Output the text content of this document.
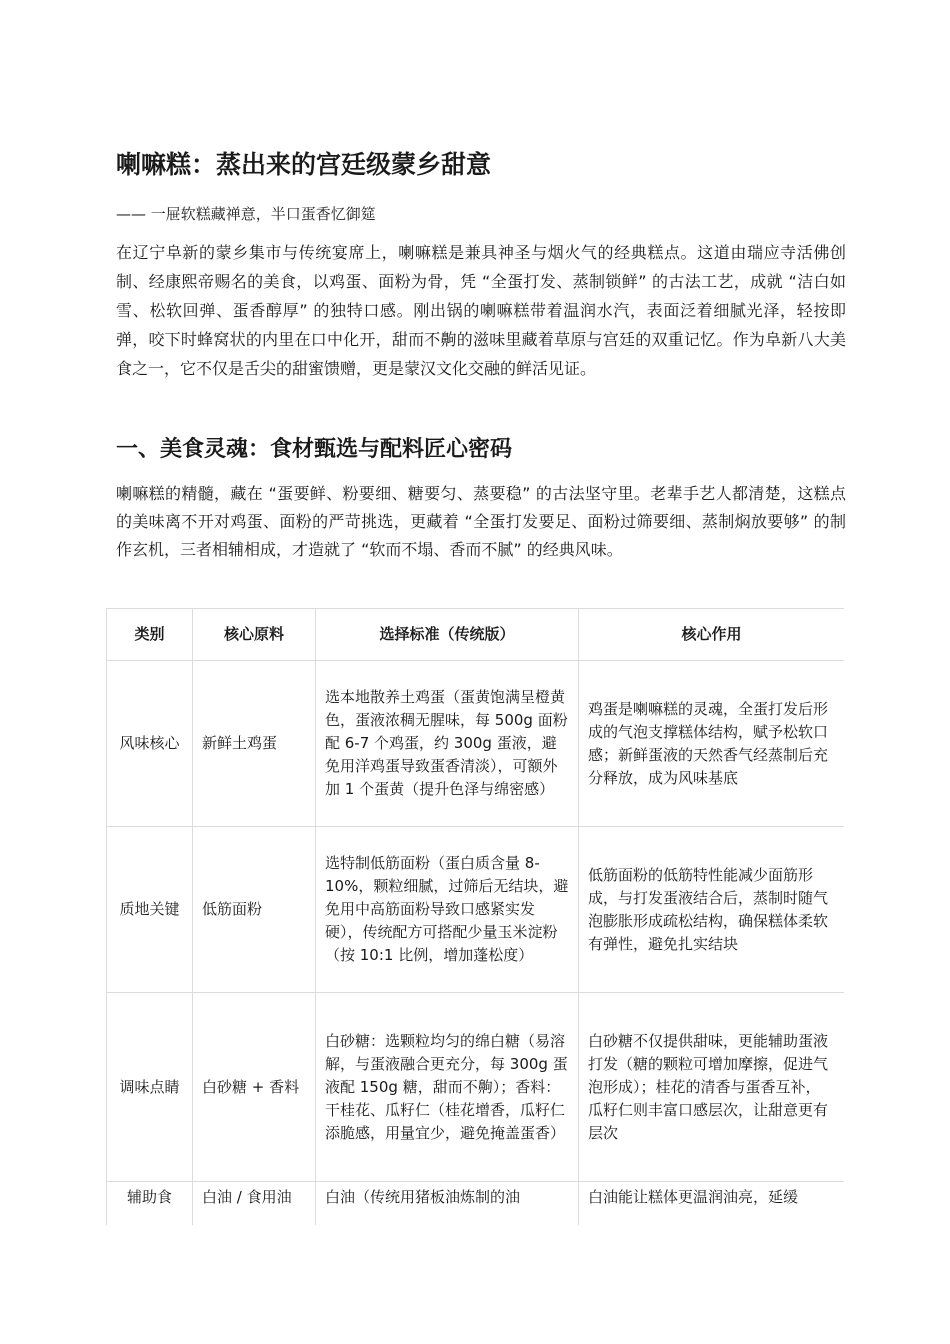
喇嘛糕：蒸出来的宫廷级蒙乡甜意
—— 一屉软糕藏禅意，半口蛋香忆御筵

在辽宁阜新的蒙乡集市与传统宴席上，喇嘛糕是兼具神圣与烟火气的经典糕点。这道由瑞应寺活佛创制、经康熙帝赐名的美食，以鸡蛋、面粉为骨，凭 “全蛋打发、蒸制锁鲜” 的古法工艺，成就 “洁白如雪、松软回弹、蛋香醇厚” 的独特口感。刚出锅的喇嘛糕带着温润水汽，表面泛着细腻光泽，轻按即弹，咬下时蜂窝状的内里在口中化开，甜而不齁的滋味里藏着草原与宫廷的双重记忆。作为阜新八大美食之一，它不仅是舌尖的甜蜜馈赠，更是蒙汉文化交融的鲜活见证。

一、美食灵魂：食材甄选与配料匠心密码

喇嘛糕的精髓，藏在 “蛋要鲜、粉要细、糖要匀、蒸要稳” 的古法坚守里。老辈手艺人都清楚，这糕点的美味离不开对鸡蛋、面粉的严苛挑选，更藏着 “全蛋打发要足、面粉过筛要细、蒸制焖放要够” 的制作玄机，三者相辅相成，才造就了 “软而不塌、香而不腻” 的经典风味。

类别	核心原料	选择标准（传统版）	核心作用
风味核心	新鲜土鸡蛋	选本地散养土鸡蛋（蛋黄饱满呈橙黄色，蛋液浓稠无腥味，每 500g 面粉配 6-7 个鸡蛋，约 300g 蛋液，避免用洋鸡蛋导致蛋香清淡），可额外加 1 个蛋黄（提升色泽与绵密感）	鸡蛋是喇嘛糕的灵魂，全蛋打发后形成的气泡支撑糕体结构，赋予松软口感；新鲜蛋液的天然香气经蒸制后充分释放，成为风味基底
质地关键	低筋面粉	选特制低筋面粉（蛋白质含量 8-10%，颗粒细腻，过筛后无结块，避免用中高筋面粉导致口感紧实发硬），传统配方可搭配少量玉米淀粉（按 10:1 比例，增加蓬松度）	低筋面粉的低筋特性能减少面筋形成，与打发蛋液结合后，蒸制时随气泡膨胀形成疏松结构，确保糕体柔软有弹性，避免扎实结块
调味点睛	白砂糖 + 香料	白砂糖：选颗粒均匀的绵白糖（易溶解，与蛋液融合更充分，每 300g 蛋液配 150g 糖，甜而不齁）；香料：干桂花、瓜籽仁（桂花增香，瓜籽仁添脆感，用量宜少，避免掩盖蛋香）	白砂糖不仅提供甜味，更能辅助蛋液打发（糖的颗粒可增加摩擦，促进气泡形成）；桂花的清香与蛋香互补，瓜籽仁则丰富口感层次，让甜意更有层次
辅助食	白油 / 食用油	白油（传统用猪板油炼制的油	白油能让糕体更温润油亮，延缓
